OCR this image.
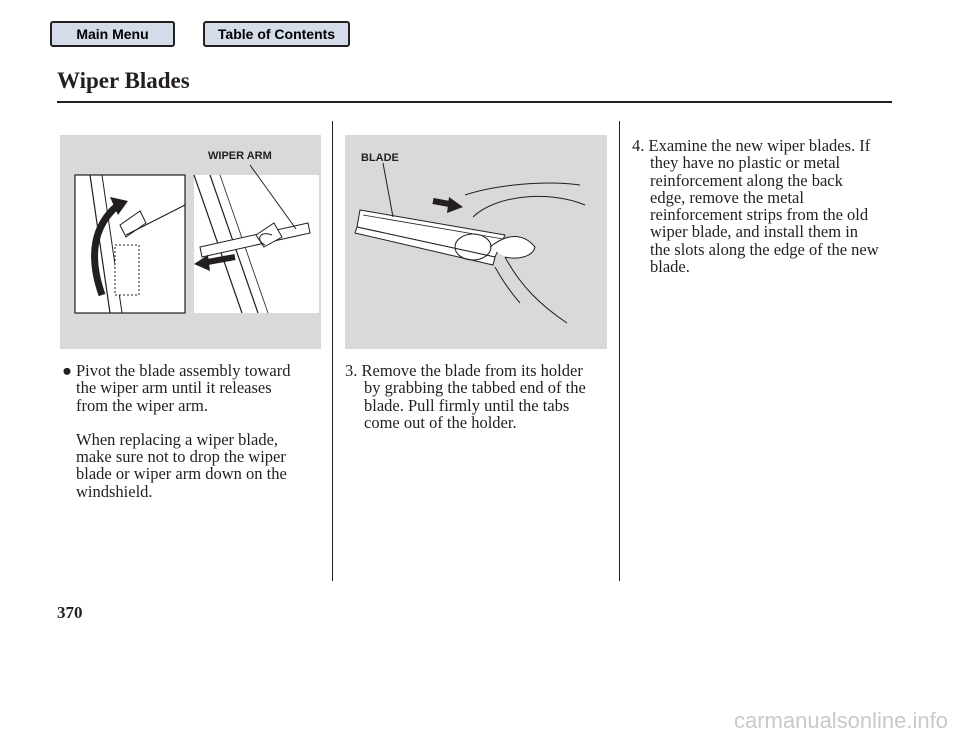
Main Menu	Table of Contents
Wiper Blades
WIPER ARM	BLADE
● Pivot the blade assembly toward
the wiper arm until it releases
from the wiper arm.
When replacing a wiper blade,
make sure not to drop the wiper
blade or wiper arm down on the
windshield.
3. Remove the blade from its holder
by grabbing the tabbed end of the
blade. Pull firmly until the tabs
come out of the holder.
4. Examine the new wiper blades. If
they have no plastic or metal
reinforcement along the back
edge, remove the metal
reinforcement strips from the old
wiper blade, and install them in
the slots along the edge of the new
blade.
370
carmanualsonline.info
